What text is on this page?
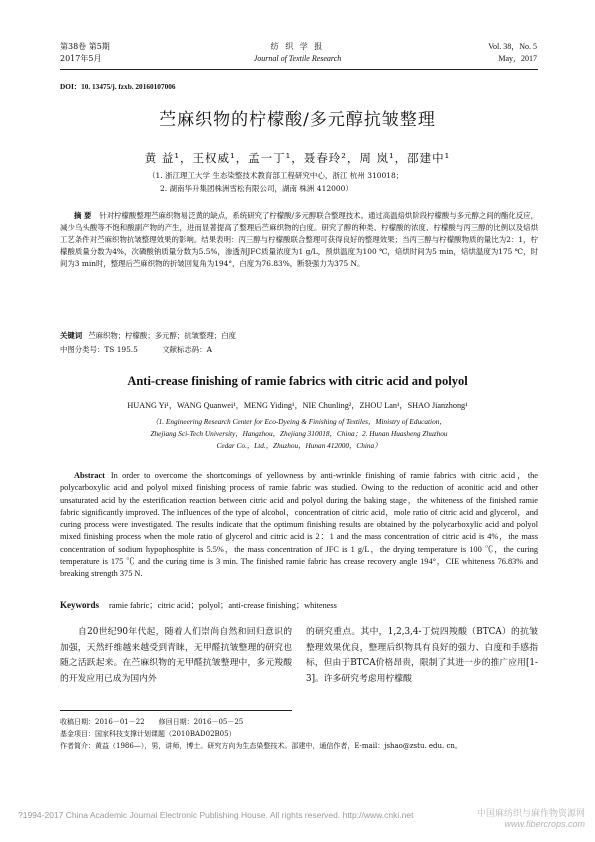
第38卷 第5期
2017年5月
纺 织 学 报
Journal of Textile Research
Vol. 38，No. 5
May，2017
DOI：10. 13475/j. fzxb. 20160107006
苎麻织物的柠檬酸/多元醇抗皱整理
黄 益¹，王权威¹，孟一丁¹，聂春玲²，周 岚¹，邵建中¹
（1. 浙江理工大学 生态染整技术教育部工程研究中心，浙江 杭州 310018；
2. 湖南华升集团株洲雪松有限公司，湖南 株洲 412000）
摘 要 针对柠檬酸整理苎麻织物易泛黄的缺点，系统研究了柠檬酸/多元醇联合整理技术。通过高温焙烘阶段柠檬酸与多元醇之间的酯化反应，减少乌头酸等不饱和酸副产物的产生，进而显著提高了整理后苎麻织物的白度。研究了醇的种类、柠檬酸的浓度、柠檬酸与丙三醇的比例以及焙烘工艺条件对苎麻织物抗皱整理效果的影响。结果表明：丙三醇与柠檬酸联合整理可获得良好的整理效果；当丙三醇与柠檬酸物质的量比为2：1，柠檬酸质量分数为4%，次磷酸钠质量分数为5.5%，渗透剂JFC质量浓度为1 g/L，预烘温度为100 ℃，焙烘时间为5 min，焙烘温度为175 ℃，时间为3 min时，整理后苎麻织物的折皱回复角为194°，白度为76.83%，断裂强力为375 N。
关键词 苎麻织物；柠檬酸；多元醇；抗皱整理；白度
中图分类号：TS 195.5	文献标志码：A
Anti-crease finishing of ramie fabrics with citric acid and polyol
HUANG Yi¹，WANG Quanwei¹，MENG Yiding¹，NIE Chunling²，ZHOU Lan¹，SHAO Jianzhong¹
（1. Engineering Research Center for Eco-Dyeing & Finishing of Textiles，Ministry of Education，
Zhejiang Sci-Tech University，Hangzhou，Zhejiang 310018，China；2. Hunan Huasheng Zhuzhou
Cedar Co.，Ltd.，Zhuzhou，Hunan 412000，China）
Abstract In order to overcome the shortcomings of yellowness by anti-wrinkle finishing of ramie fabrics with citric acid，the polycarboxylic acid and polyol mixed finishing process of ramie fabric was studied. Owing to the reduction of aconitic acid and other unsaturated acid by the esterification reaction between citric acid and polyol during the baking stage，the whiteness of the finished ramie fabric significantly improved. The influences of the type of alcohol，concentration of citric acid，mole ratio of citric acid and glycerol，and curing process were investigated. The results indicate that the optimum finishing results are obtained by the polycarboxylic acid and polyol mixed finishing process when the mole ratio of glycerol and citric acid is 2：1 and the mass concentration of citric acid is 4%，the mass concentration of sodium hypophosphite is 5.5%，the mass concentration of JFC is 1 g/L，the drying temperature is 100 ℃，the curing temperature is 175 ℃ and the curing time is 3 min. The finished ramie fabric has crease recovery angle 194°，CIE whiteness 76.83% and breaking strength 375 N.
Keywords ramie fabric；citric acid；polyol；anti-crease finishing；whiteness
自20世纪90年代起，随着人们崇尚自然和回归意识的加强，天然纤维越来越受到青睐，无甲醛抗皱整理的研究也随之活跃起来。在苎麻织物的无甲醛抗皱整理中，多元羧酸的开发应用已成为国内外
的研究重点。其中，1,2,3,4-丁烷四羧酸（BTCA）的抗皱整理效果优良，整理后织物具有良好的强力、白度和手感指标，但由于BTCA价格昂贵，限制了其进一步的推广应用[1-3]。许多研究考虑用柠檬酸
收稿日期：2016－01－22　　修回日期：2016－05－25
基金项目：国家科技支撑计划课题（2010BAD02B05）
作者简介：黄益（1986—），男，讲师，博士。研究方向为生态染整技术。邵建中，通信作者，E-mail：jshao@zstu. edu. cn。
?1994-2017 China Academic Journal Electronic Publishing House. All rights reserved. http://www.cnki.net	中国麻纺织与麻作物资源网
www.fibercrops.com
